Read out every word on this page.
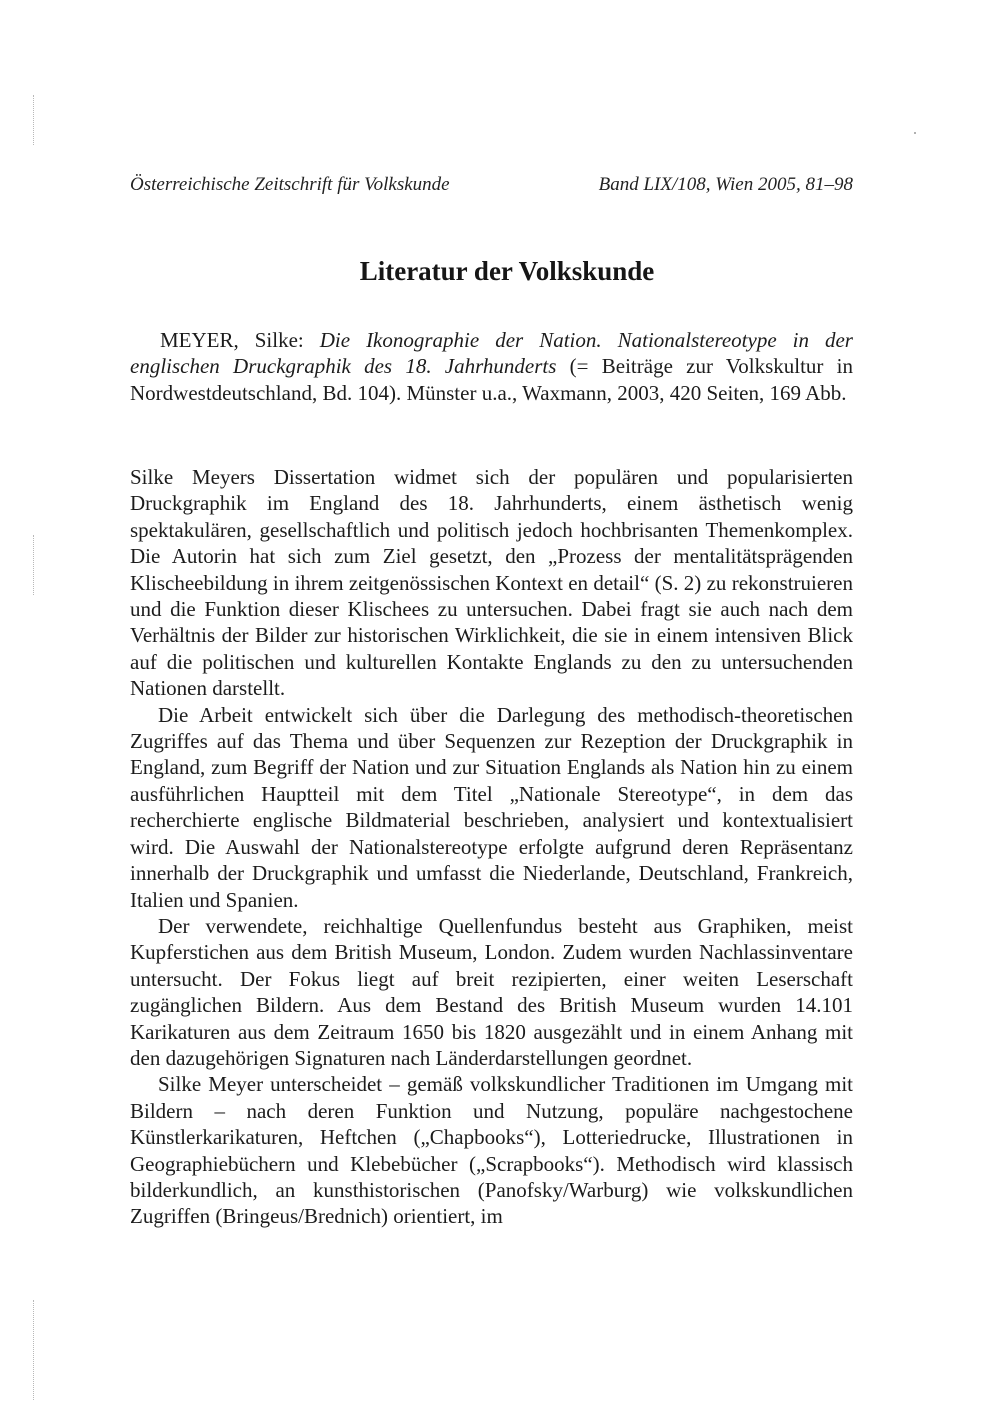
Österreichische Zeitschrift für Volkskunde	Band LIX/108, Wien 2005, 81–98
Literatur der Volkskunde
MEYER, Silke: Die Ikonographie der Nation. Nationalstereotype in der englischen Druckgraphik des 18. Jahrhunderts (= Beiträge zur Volkskultur in Nordwestdeutschland, Bd. 104). Münster u.a., Waxmann, 2003, 420 Seiten, 169 Abb.

Silke Meyers Dissertation widmet sich der populären und popularisierten Druckgraphik im England des 18. Jahrhunderts, einem ästhetisch wenig spektakulären, gesellschaftlich und politisch jedoch hochbrisanten Themenkomplex. Die Autorin hat sich zum Ziel gesetzt, den „Prozess der mentalitätsprägenden Klischeebildung in ihrem zeitgenössischen Kontext en detail“ (S. 2) zu rekonstruieren und die Funktion dieser Klischees zu untersuchen. Dabei fragt sie auch nach dem Verhältnis der Bilder zur historischen Wirklichkeit, die sie in einem intensiven Blick auf die politischen und kulturellen Kontakte Englands zu den zu untersuchenden Nationen darstellt.

Die Arbeit entwickelt sich über die Darlegung des methodisch-theoretischen Zugriffes auf das Thema und über Sequenzen zur Rezeption der Druckgraphik in England, zum Begriff der Nation und zur Situation Englands als Nation hin zu einem ausführlichen Hauptteil mit dem Titel „Nationale Stereotype“, in dem das recherchierte englische Bildmaterial beschrieben, analysiert und kontextualisiert wird. Die Auswahl der Nationalstereotype erfolgte aufgrund deren Repräsentanz innerhalb der Druckgraphik und umfasst die Niederlande, Deutschland, Frankreich, Italien und Spanien.

Der verwendete, reichhaltige Quellenfundus besteht aus Graphiken, meist Kupferstichen aus dem British Museum, London. Zudem wurden Nachlassinventare untersucht. Der Fokus liegt auf breit rezipierten, einer weiten Leserschaft zugänglichen Bildern. Aus dem Bestand des British Museum wurden 14.101 Karikaturen aus dem Zeitraum 1650 bis 1820 ausgezählt und in einem Anhang mit den dazugehörigen Signaturen nach Länderdarstellungen geordnet.

Silke Meyer unterscheidet – gemäß volkskundlicher Traditionen im Umgang mit Bildern – nach deren Funktion und Nutzung, populäre nachgestochene Künstlerkarikaturen, Heftchen („Chapbooks“), Lotteriedrucke, Illustrationen in Geographiebüchern und Klebebücher („Scrapbooks“). Methodisch wird klassisch bilderkundlich, an kunsthistorischen (Panofsky/Warburg) wie volkskundlichen Zugriffen (Bringeus/Brednich) orientiert, im
